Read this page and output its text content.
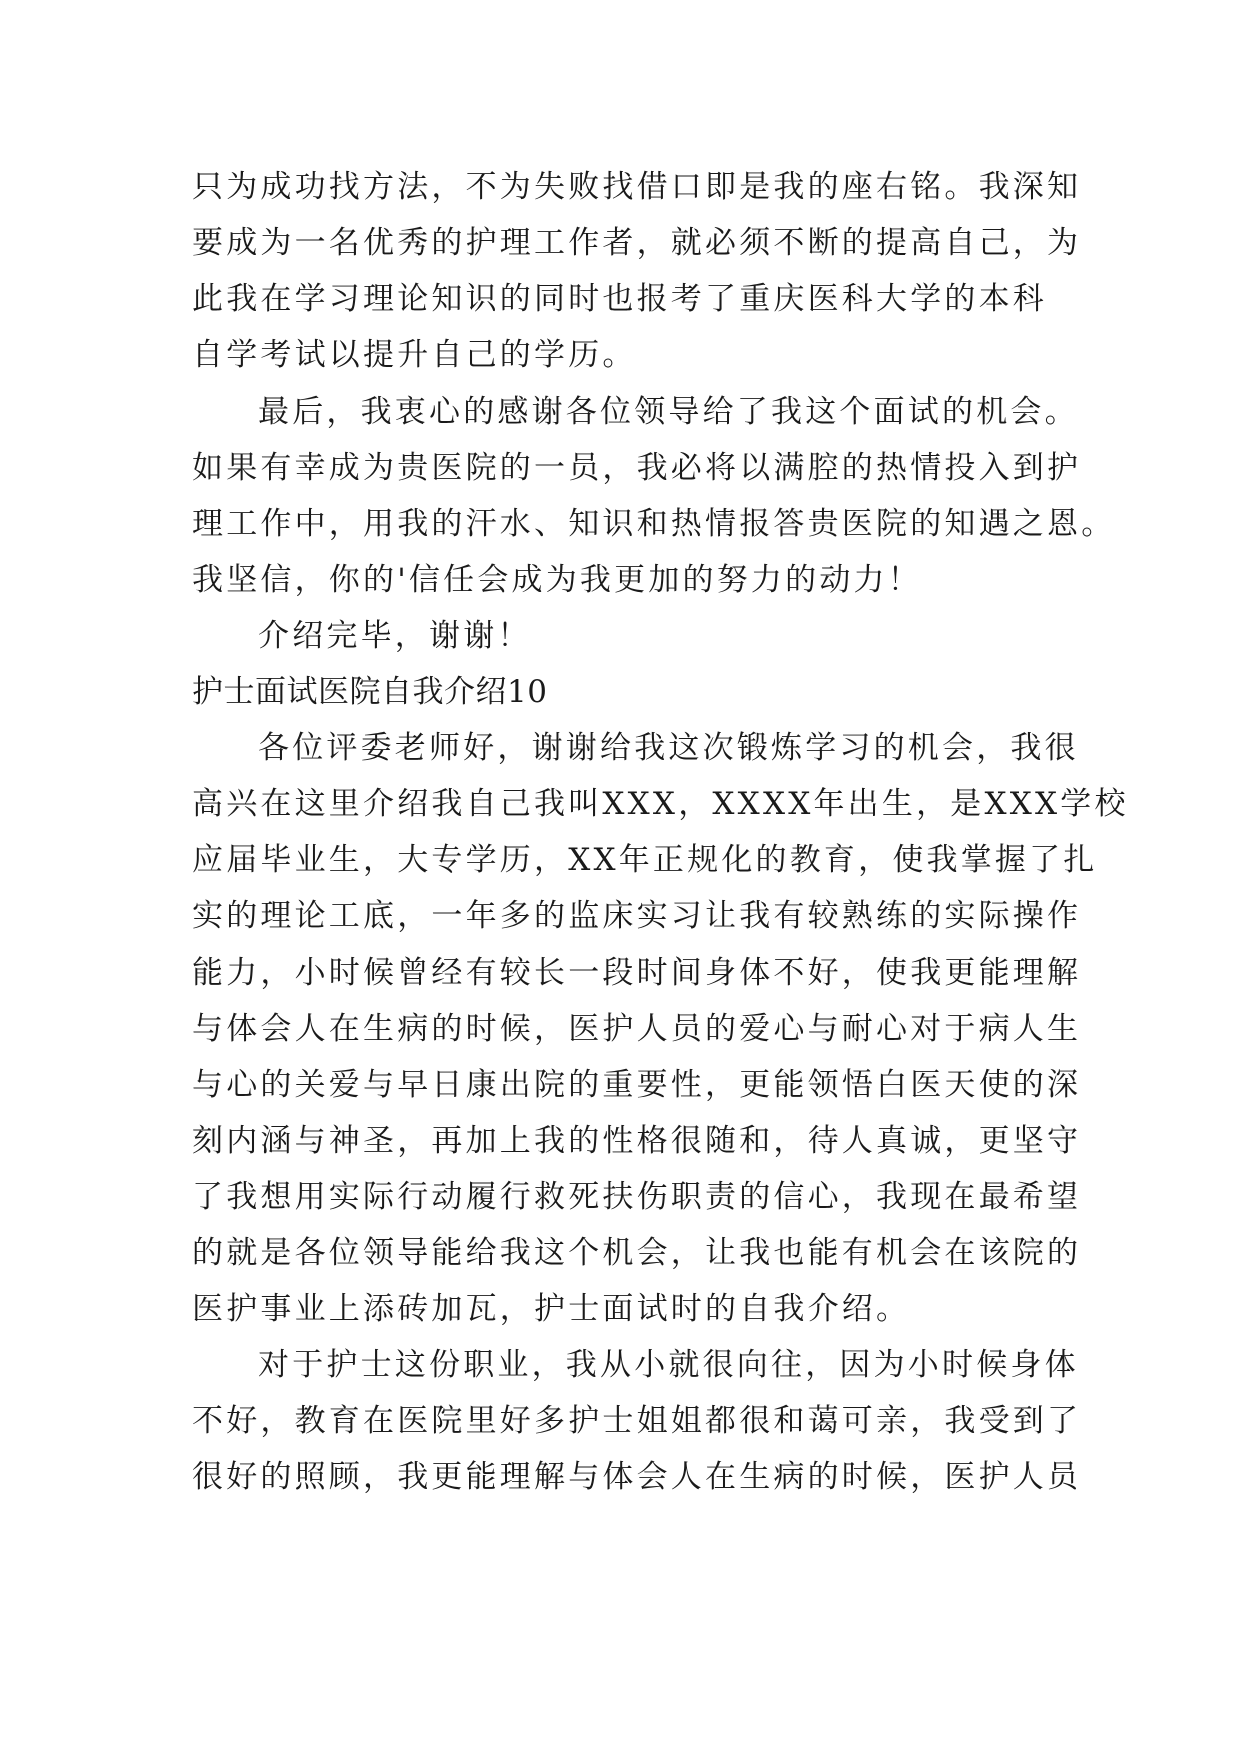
只为成功找方法，不为失败找借口即是我的座右铭。我深知
要成为一名优秀的护理工作者，就必须不断的提高自己，为
此我在学习理论知识的同时也报考了重庆医科大学的本科
自学考试以提升自己的学历。
最后，我衷心的感谢各位领导给了我这个面试的机会。
如果有幸成为贵医院的一员，我必将以满腔的热情投入到护
理工作中，用我的汗水、知识和热情报答贵医院的知遇之恩。
我坚信，你的'信任会成为我更加的努力的动力！
介绍完毕，谢谢！
护士面试医院自我介绍10
各位评委老师好，谢谢给我这次锻炼学习的机会，我很
高兴在这里介绍我自己我叫XXX，XXXX年出生，是XXX学校
应届毕业生，大专学历，XX年正规化的教育，使我掌握了扎
实的理论工底，一年多的监床实习让我有较熟练的实际操作
能力，小时候曾经有较长一段时间身体不好，使我更能理解
与体会人在生病的时候，医护人员的爱心与耐心对于病人生
与心的关爱与早日康出院的重要性，更能领悟白医天使的深
刻内涵与神圣，再加上我的性格很随和，待人真诚，更坚守
了我想用实际行动履行救死扶伤职责的信心，我现在最希望
的就是各位领导能给我这个机会，让我也能有机会在该院的
医护事业上添砖加瓦，护士面试时的自我介绍。
对于护士这份职业，我从小就很向往，因为小时候身体
不好，教育在医院里好多护士姐姐都很和蔼可亲，我受到了
很好的照顾，我更能理解与体会人在生病的时候，医护人员
